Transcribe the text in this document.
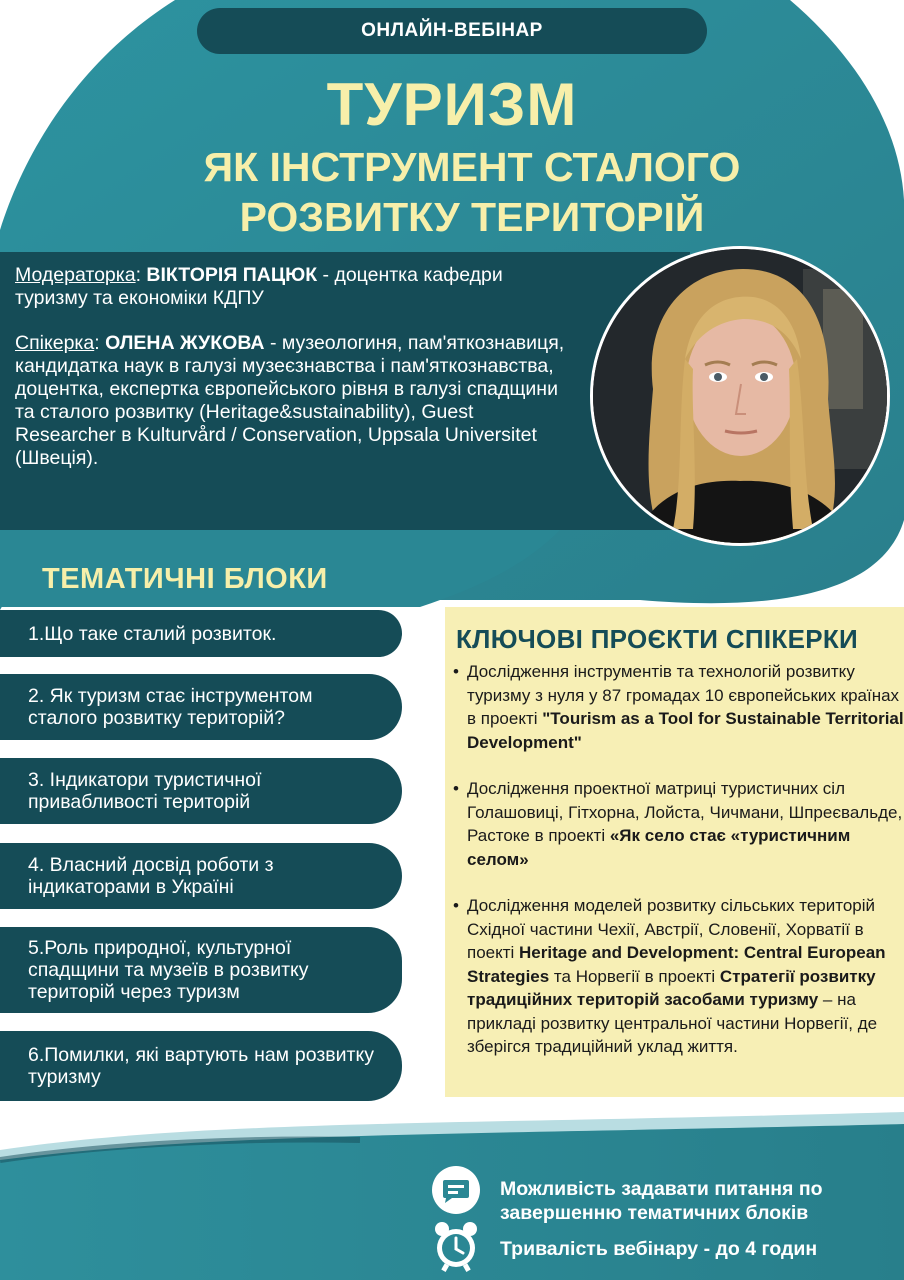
ОНЛАЙН-ВЕБІНАР
ТУРИЗМ
ЯК ІНСТРУМЕНТ СТАЛОГО РОЗВИТКУ ТЕРИТОРІЙ

Модераторка: ВІКТОРІЯ ПАЦЮК - доцентка кафедри туризму та економіки КДПУ

Спікерка: ОЛЕНА ЖУКОВА - музеологиня, пам'яткознавиця, кандидатка наук в галузі музеєзнавства і пам'яткознавства, доцентка, експертка європейського рівня в галузі спадщини та сталого розвитку (Heritage&sustainability), Guest Researcher в Kulturvård / Conservation, Uppsala Universitet (Швеція).

ТЕМАТИЧНІ БЛОКИ
1.Що таке сталий розвиток.
2. Як туризм стає інструментом сталого розвитку територій?
3. Індикатори туристичної привабливості територій
4. Власний досвід роботи з індикаторами в Україні
5.Роль природної, культурної спадщини та музеїв в розвитку територій через туризм
6.Помилки, які вартують нам розвитку туризму
КЛЮЧОВІ ПРОЄКТИ СПІКЕРКИ
• Дослідження інструментів та технологій розвитку туризму з нуля у 87 громадах 10 європейських країнах в проекті "Tourism as a Tool for Sustainable Territorial Development"
• Дослідження проектної матриці туристичних сіл Голашовиці, Гітхорна, Лойста, Чичмани, Шпреєвальде, Растоке в проекті «Як село стає «туристичним селом»
• Дослідження моделей розвитку сільських територій Східної частини Чехії, Австрії, Словенії, Хорватії в поекті Heritage and Development: Central European Strategies та Норвегії в проекті Стратегії розвитку традиційних територій засобами туризму – на прикладі розвитку центральної частини Норвегії, де зберігся традиційний уклад життя.
Можливість задавати питання по завершенню тематичних блоків
Тривалість вебінару - до 4 годин
